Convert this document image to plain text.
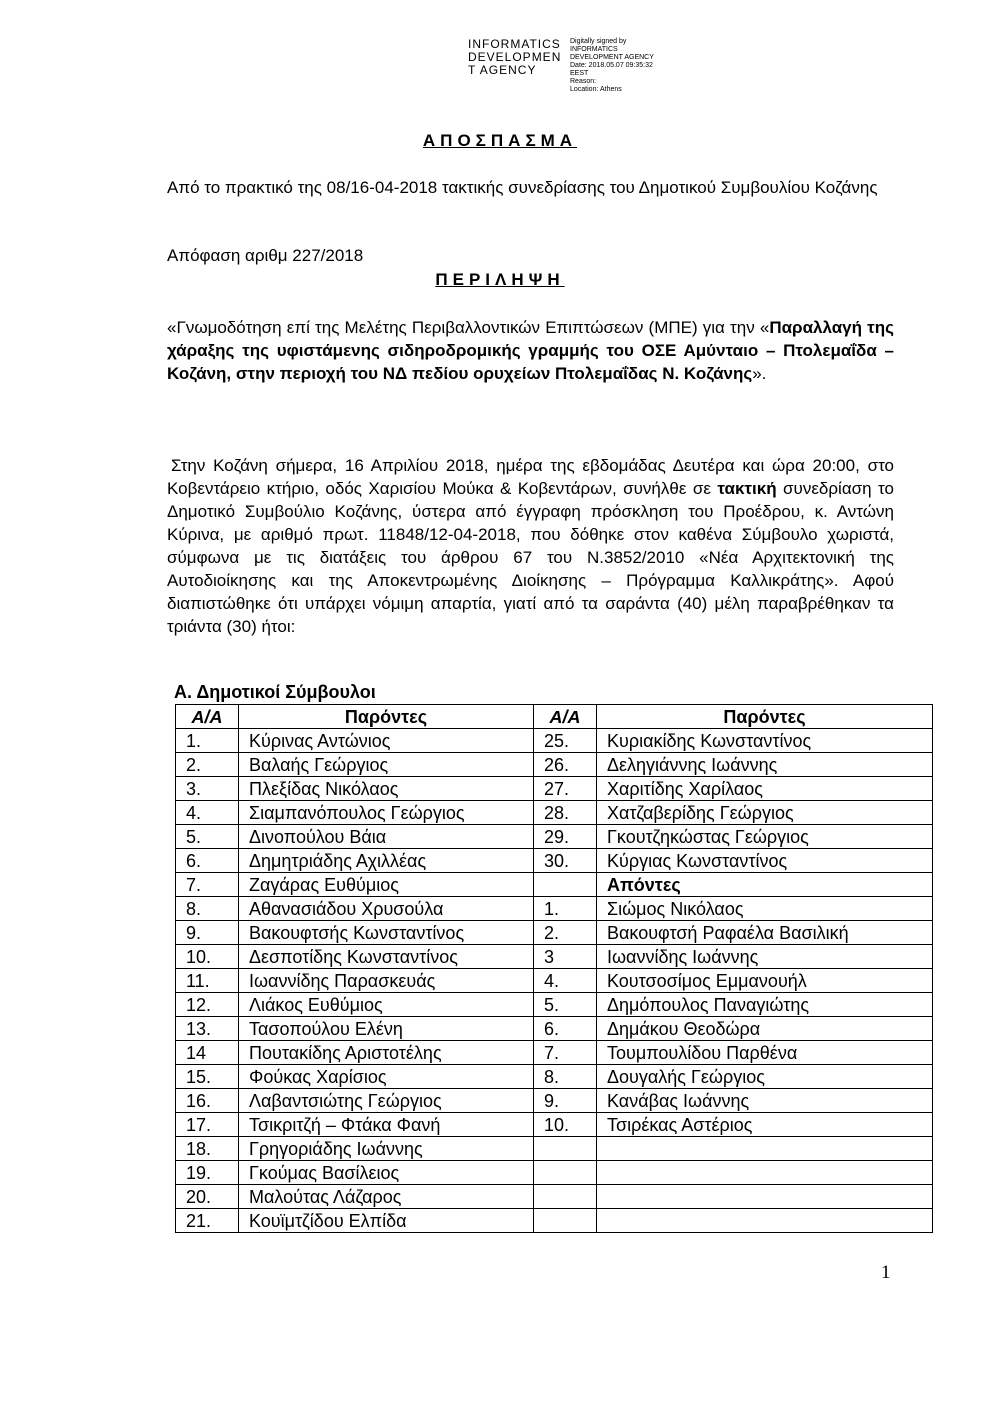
INFORMATICS
DEVELOPMEN
T AGENCY
Digitally signed by
INFORMATICS
DEVELOPMENT AGENCY
Date: 2018.05.07 09:35:32
EEST
Reason:
Location: Athens
ΑΠΟΣΠΑΣΜΑ
Από το πρακτικό της 08/16-04-2018 τακτικής συνεδρίασης του Δημοτικού Συμβουλίου Κοζάνης
Απόφαση αριθμ 227/2018
ΠΕΡΙΛΗΨΗ
«Γνωμοδότηση επί της Μελέτης Περιβαλλοντικών Επιπτώσεων (ΜΠΕ) για την «Παραλλαγή της χάραξης της υφιστάμενης σιδηροδρομικής γραμμής του ΟΣΕ Αμύνταιο – Πτολεμαΐδα – Κοζάνη, στην περιοχή του ΝΔ πεδίου ορυχείων Πτολεμαΐδας Ν. Κοζάνης».
Στην Κοζάνη σήμερα, 16 Απριλίου 2018, ημέρα της εβδομάδας Δευτέρα και ώρα 20:00, στο Κοβεντάρειο κτήριο, οδός Χαρισίου Μούκα & Κοβεντάρων, συνήλθε σε τακτική συνεδρίαση το Δημοτικό Συμβούλιο Κοζάνης, ύστερα από έγγραφη πρόσκληση του Προέδρου, κ. Αντώνη Κύρινα, με αριθμό πρωτ. 11848/12-04-2018, που δόθηκε στον καθένα Σύμβουλο χωριστά, σύμφωνα με τις διατάξεις του άρθρου 67 του Ν.3852/2010 «Νέα Αρχιτεκτονική της Αυτοδιοίκησης και της Αποκεντρωμένης Διοίκησης – Πρόγραμμα Καλλικράτης». Αφού διαπιστώθηκε ότι υπάρχει νόμιμη απαρτία, γιατί από τα σαράντα (40) μέλη παραβρέθηκαν τα τριάντα (30) ήτοι:
Α. Δημοτικοί Σύμβουλοι
Α/Α	Παρόντες	Α/Α	Παρόντες
1.	Κύρινας Αντώνιος	25.	Κυριακίδης Κωνσταντίνος
2.	Βαλαής Γεώργιος	26.	Δεληγιάννης Ιωάννης
3.	Πλεξίδας Νικόλαος	27.	Χαριτίδης Χαρίλαος
4.	Σιαμπανόπουλος Γεώργιος	28.	Χατζαβερίδης Γεώργιος
5.	Δινοπούλου Βάια	29.	Γκουτζηκώστας Γεώργιος
6.	Δημητριάδης Αχιλλέας	30.	Κύργιας Κωνσταντίνος
7.	Ζαγάρας Ευθύμιος		Απόντες
8.	Αθανασιάδου Χρυσούλα	1.	Σιώμος Νικόλαος
9.	Βακουφτσής Κωνσταντίνος	2.	Βακουφτσή Ραφαέλα Βασιλική
10.	Δεσποτίδης Κωνσταντίνος	3	Ιωαννίδης Ιωάννης
11.	Ιωαννίδης Παρασκευάς	4.	Κουτσοσίμος Εμμανουήλ
12.	Λιάκος Ευθύμιος	5.	Δημόπουλος Παναγιώτης
13.	Τασοπούλου Ελένη	6.	Δημάκου Θεοδώρα
14	Πουτακίδης Αριστοτέλης	7.	Τουμπουλίδου Παρθένα
15.	Φούκας Χαρίσιος	8.	Δουγαλής Γεώργιος
16.	Λαβαντσιώτης Γεώργιος	9.	Κανάβας Ιωάννης
17.	Τσικριτζή – Φτάκα Φανή	10.	Τσιρέκας Αστέριος
18.	Γρηγοριάδης Ιωάννης		
19.	Γκούμας Βασίλειος		
20.	Μαλούτας Λάζαρος		
21.	Κουϊμτζίδου Ελπίδα		
1
